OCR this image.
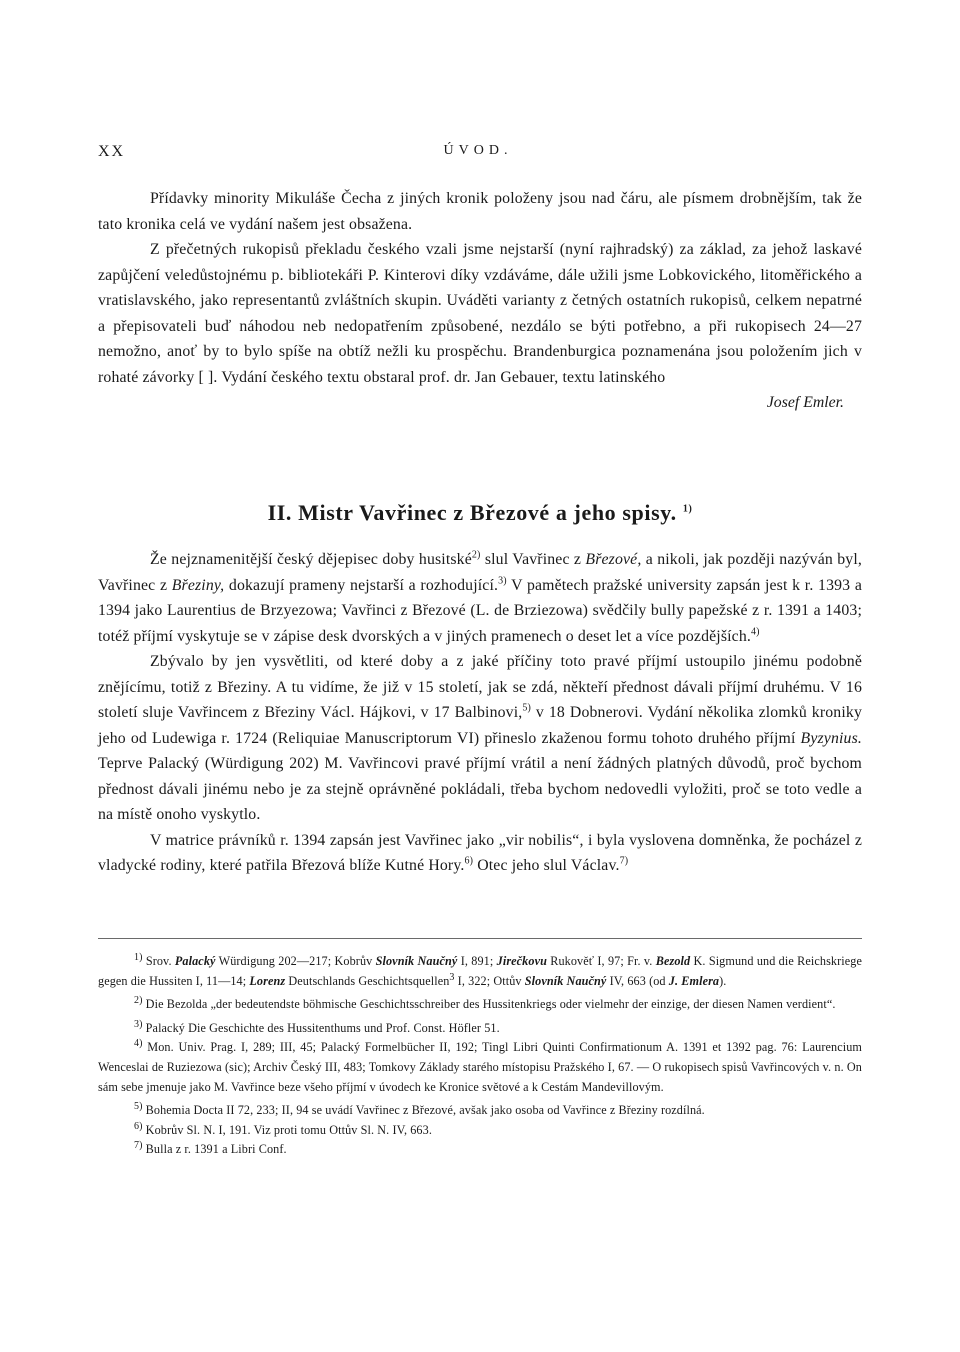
XX	ÚVOD.

Přídavky minority Mikuláše Čecha z jiných kronik položeny jsou nad čáru, ale písmem drobnějším, tak že tato kronika celá ve vydání našem jest obsažena.

Z přečetných rukopisů překladu českého vzali jsme nejstarší (nyní rajhradský) za základ, za jehož laskavé zapůjčení veledůstojnému p. bibliotekáři P. Kinterovi díky vzdáváme, dále užili jsme Lobkovického, litoměřického a vratislavského, jako representantů zvláštních skupin. Uváděti varianty z četných ostatních rukopisů, celkem nepatrné a přepisovateli buď náhodou neb nedopatřením způsobené, nezdálo se býti potřebno, a při rukopisech 24—27 nemožno, anoť by to bylo spíše na obtíž nežli ku prospěchu. Brandenburgica poznamenána jsou položením jich v rohaté závorky [ ]. Vydání českého textu obstaral prof. dr. Jan Gebauer, textu latinského

Josef Emler.

II. Mistr Vavřinec z Březové a jeho spisy. $^{1)}$

Že nejznamenitější český dějepisec doby husitské$^{2)}$ slul Vavřinec z Březové, a nikoli, jak později nazýván byl, Vavřinec z Březiny, dokazují prameny nejstarší a rozhodující.$^{3)}$ V pamětech pražské university zapsán jest k r. 1393 a 1394 jako Laurentius de Brzyezowa; Vavřinci z Březové (L. de Brziezowa) svědčily bully papežské z r. 1391 a 1403; totéž příjmí vyskytuje se v zápise desk dvorských a v jiných pramenech o deset let a více pozdějších.$^{4)}$

Zbývalo by jen vysvětliti, od které doby a z jaké příčiny toto pravé příjmí ustoupilo jinému podobně znějícímu, totiž z Březiny. A tu vidíme, že již v 15 století, jak se zdá, někteří přednost dávali příjmí druhému. V 16 století sluje Vavřincem z Březiny Václ. Hájkovi, v 17 Balbinovi,$^{5)}$ v 18 Dobnerovi. Vydání několika zlomků kroniky jeho od Ludewiga r. 1724 (Reliquiae Manuscriptorum VI) přineslo zkaženou formu tohoto druhého příjmí Byzynius. Teprve Palacký (Würdigung 202) M. Vavřincovi pravé příjmí vrátil a není žádných platných důvodů, proč bychom přednost dávali jinému nebo je za stejně oprávněné pokládali, třeba bychom nedovedli vyložiti, proč se toto vedle a na místě onoho vyskytlo.

V matrice právníků r. 1394 zapsán jest Vavřinec jako „vir nobilis“, i byla vyslovena domněnka, že pocházel z vladycké rodiny, které patřila Březová blíže Kutné Hory.$^{6)}$ Otec jeho slul Václav.$^{7)}$

$^{1)}$ Srov. Palacký Würdigung 202—217; Kobrův Slovník Naučný I, 891; Jirečkovu Rukověť I, 97; Fr. v. Bezold K. Sigmund und die Reichskriege gegen die Hussiten I, 11—14; Lorenz Deutschlands Geschichtsquellen$^3$ I, 322; Ottův Slovník Naučný IV, 663 (od J. Emlera).

$^{2)}$ Die Bezolda „der bedeutendste böhmische Geschichtsschreiber des Hussitenkriegs oder vielmehr der einzige, der diesen Namen verdient“.

$^{3)}$ Palacký Die Geschichte des Hussitenthums und Prof. Const. Höfler 51.

$^{4)}$ Mon. Univ. Prag. I, 289; III, 45; Palacký Formelbücher II, 192; Tingl Libri Quinti Confirmationum A. 1391 et 1392 pag. 76: Laurencium Wenceslai de Ruziezowa (sic); Archiv Český III, 483; Tomkovy Základy starého místopisu Pražského I, 67. — O rukopisech spisů Vavřincových v. n. On sám sebe jmenuje jako M. Vavřince beze všeho příjmí v úvodech ke Kronice světové a k Cestám Mandevillovým.

$^{5)}$ Bohemia Docta II 72, 233; II, 94 se uvádí Vavřinec z Březové, avšak jako osoba od Vavřince z Březiny rozdílná.

$^{6)}$ Kobrův Sl. N. I, 191. Viz proti tomu Ottův Sl. N. IV, 663.

$^{7)}$ Bulla z r. 1391 a Libri Conf.
